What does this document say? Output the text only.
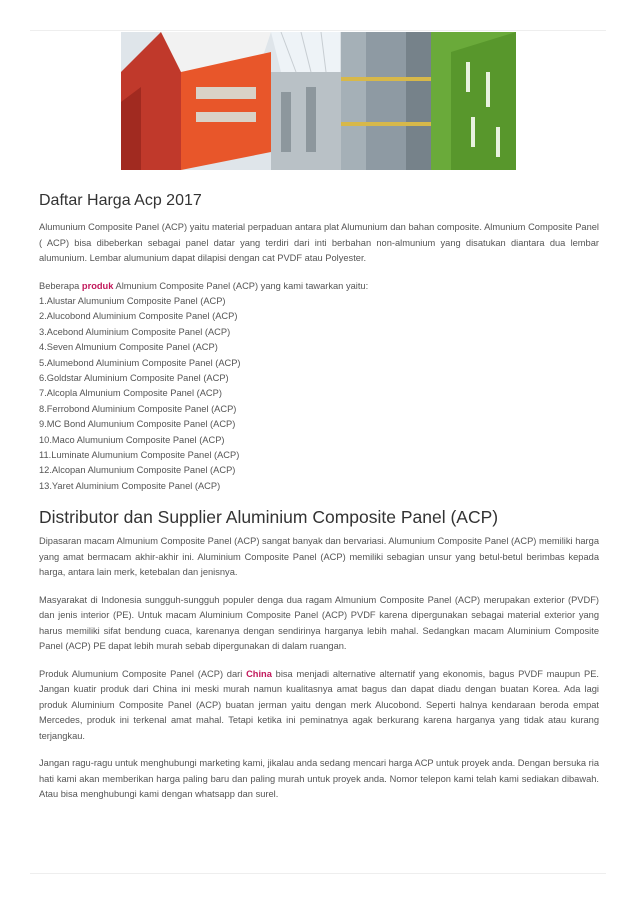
Daftar Harga Acp 2017

Alumunium Composite Panel (ACP) yaitu material perpaduan antara plat Alumunium dan bahan composite. Almunium Composite Panel ( ACP) bisa dibeberkan sebagai panel datar yang terdiri dari inti berbahan non-almunium yang disatukan diantara dua lembar alumunium. Lembar alumunium dapat dilapisi dengan cat PVDF atau Polyester.

Beberapa produk Almunium Composite Panel (ACP) yang kami tawarkan yaitu:

1.Alustar Alumunium Composite Panel (ACP)
2.Alucobond Aluminium Composite Panel (ACP)
3.Acebond Aluminium Composite Panel (ACP)
4.Seven Almunium Composite Panel (ACP)
5.Alumebond Aluminium Composite Panel (ACP)
6.Goldstar Aluminium Composite Panel (ACP)
7.Alcopla Almunium Composite Panel (ACP)
8.Ferrobond Aluminium Composite Panel (ACP)
9.MC Bond Alumunium Composite Panel (ACP)
10.Maco Alumunium Composite Panel (ACP)
11.Luminate Alumunium Composite Panel (ACP)
12.Alcopan Alumunium Composite Panel (ACP)
13.Yaret Aluminium Composite Panel (ACP)
Distributor dan Supplier Aluminium Composite Panel (ACP)

Dipasaran macam Almunium Composite Panel (ACP) sangat banyak dan bervariasi. Alumunium Composite Panel (ACP) memiliki harga yang amat bermacam akhir-akhir ini. Aluminium Composite Panel (ACP) memiliki sebagian unsur yang betul-betul berimbas kepada harga, antara lain merk, ketebalan dan jenisnya.

Masyarakat di Indonesia sungguh-sungguh populer denga dua ragam Almunium Composite Panel (ACP) merupakan exterior (PVDF) dan jenis interior (PE). Untuk macam Aluminium Composite Panel (ACP) PVDF karena dipergunakan sebagai material exterior yang harus memiliki sifat bendung cuaca, karenanya dengan sendirinya harganya lebih mahal. Sedangkan macam Aluminium Composite Panel (ACP) PE dapat lebih murah sebab dipergunakan di dalam ruangan.

Produk Alumunium Composite Panel (ACP) dari China bisa menjadi alternative alternatif yang ekonomis, bagus PVDF maupun PE. Jangan kuatir produk dari China ini meski murah namun kualitasnya amat bagus dan dapat diadu dengan buatan Korea. Ada lagi produk Aluminium Composite Panel (ACP) buatan jerman yaitu dengan merk Alucobond. Seperti halnya kendaraan beroda empat Mercedes, produk ini terkenal amat mahal. Tetapi ketika ini peminatnya agak berkurang karena harganya yang tidak atau kurang terjangkau.

Jangan ragu-ragu untuk menghubungi marketing kami, jikalau anda sedang mencari harga ACP untuk proyek anda. Dengan bersuka ria hati kami akan memberikan harga paling baru dan paling murah untuk proyek anda. Nomor telepon kami telah kami sediakan dibawah. Atau bisa menghubungi kami dengan whatsapp dan surel.
